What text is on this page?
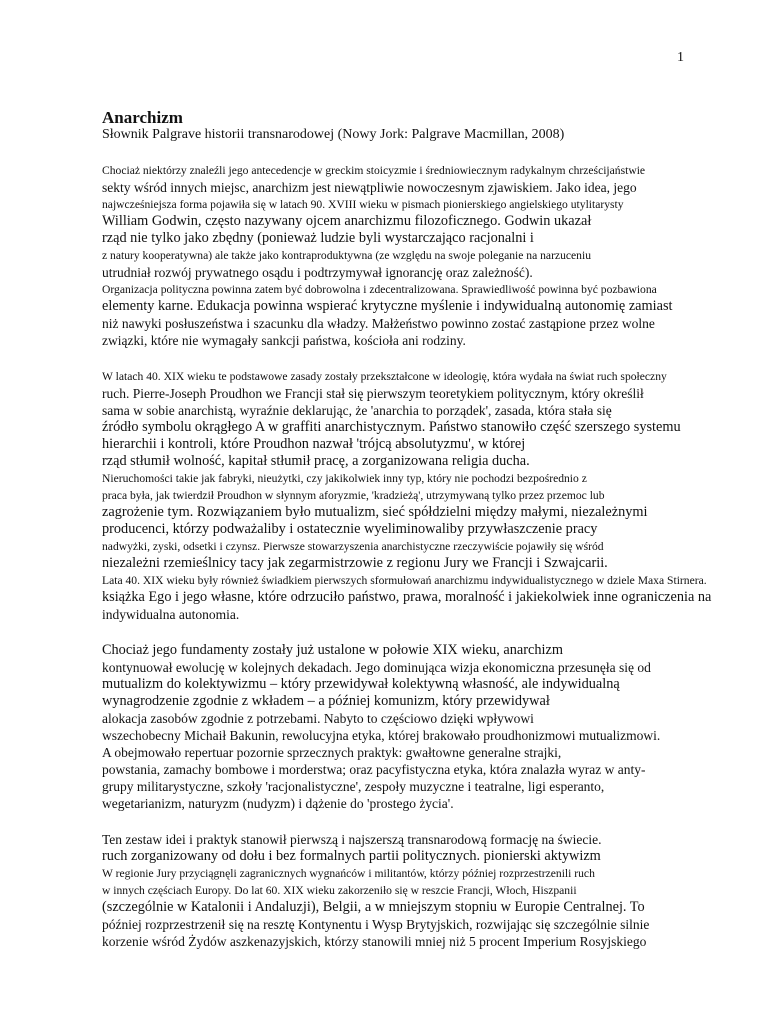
1
Anarchizm
Słownik Palgrave historii transnarodowej (Nowy Jork: Palgrave Macmillan, 2008)
Chociaż niektórzy znaleźli jego antecedencje w greckim stoicyzmie i średniowiecznym radykalnym chrześcijaństwie
sekty wśród innych miejsc, anarchizm jest niewątpliwie nowoczesnym zjawiskiem. Jako idea, jego
najwcześniejsza forma pojawiła się w latach 90. XVIII wieku w pismach pionierskiego angielskiego utylitarysty
William Godwin, często nazywany ojcem anarchizmu filozoficznego. Godwin ukazał
rząd nie tylko jako zbędny (ponieważ ludzie byli wystarczająco racjonalni i
z natury kooperatywna) ale także jako kontraproduktywna (ze względu na swoje poleganie na narzuceniu
utrudniał rozwój prywatnego osądu i podtrzymywał ignorancję oraz zależność).
Organizacja polityczna powinna zatem być dobrowolna i zdecentralizowana. Sprawiedliwość powinna być pozbawiona
elementy karne. Edukacja powinna wspierać krytyczne myślenie i indywidualną autonomię zamiast
niż nawyki posłuszeństwa i szacunku dla władzy. Małżeństwo powinno zostać zastąpione przez wolne
związki, które nie wymagały sankcji państwa, kościoła ani rodziny.
W latach 40. XIX wieku te podstawowe zasady zostały przekształcone w ideologię, która wydała na świat ruch społeczny
ruch. Pierre-Joseph Proudhon we Francji stał się pierwszym teoretykiem politycznym, który określił
sama w sobie anarchistą, wyraźnie deklarując, że 'anarchia to porządek', zasada, która stała się
źródło symbolu okrągłego A w graffiti anarchistycznym. Państwo stanowiło część szerszego systemu
hierarchii i kontroli, które Proudhon nazwał 'trójcą absolutyzmu', w której
rząd stłumił wolność, kapitał stłumił pracę, a zorganizowana religia ducha.
Nieruchomości takie jak fabryki, nieużytki, czy jakikolwiek inny typ, który nie pochodzi bezpośrednio z
praca była, jak twierdził Proudhon w słynnym aforyzmie, 'kradzieżą', utrzymywaną tylko przez przemoc lub
zagrożenie tym. Rozwiązaniem było mutualizm, sieć spółdzielni między małymi, niezależnymi
producenci, którzy podważaliby i ostatecznie wyeliminowaliby przywłaszczenie pracy
nadwyżki, zyski, odsetki i czynsz. Pierwsze stowarzyszenia anarchistyczne rzeczywiście pojawiły się wśród
niezależni rzemieślnicy tacy jak zegarmistrzowie z regionu Jury we Francji i Szwajcarii.
Lata 40. XIX wieku były również świadkiem pierwszych sformułowań anarchizmu indywidualistycznego w dziele Maxa Stirnera.
książka Ego i jego własne, które odrzuciło państwo, prawa, moralność i jakiekolwiek inne ograniczenia na
indywidualna autonomia.
Chociaż jego fundamenty zostały już ustalone w połowie XIX wieku, anarchizm
kontynuował ewolucję w kolejnych dekadach. Jego dominująca wizja ekonomiczna przesunęła się od
mutualizm do kolektywizmu – który przewidywał kolektywną własność, ale indywidualną
wynagrodzenie zgodnie z wkładem – a później komunizm, który przewidywał
alokacja zasobów zgodnie z potrzebami. Nabyto to częściowo dzięki wpływowi
wszechobecny Michaił Bakunin, rewolucyjna etyka, której brakowało proudhonizmowi mutualizmowi.
A obejmowało repertuar pozornie sprzecznych praktyk: gwałtowne generalne strajki,
powstania, zamachy bombowe i morderstwa; oraz pacyfistyczna etyka, która znalazła wyraz w anty-
grupy militarystyczne, szkoły 'racjonalistyczne', zespoły muzyczne i teatralne, ligi esperanto,
wegetarianizm, naturyzm (nudyzm) i dążenie do 'prostego życia'.
Ten zestaw idei i praktyk stanowił pierwszą i najszerszą transnarodową formację na świecie.
ruch zorganizowany od dołu i bez formalnych partii politycznych. pionierski aktywizm
W regionie Jury przyciągnęli zagranicznych wygnańców i militantów, którzy później rozprzestrzenili ruch
w innych częściach Europy. Do lat 60. XIX wieku zakorzeniło się w reszcie Francji, Włoch, Hiszpanii
(szczególnie w Katalonii i Andaluzji), Belgii, a w mniejszym stopniu w Europie Centralnej. To
później rozprzestrzenił się na resztę Kontynentu i Wysp Brytyjskich, rozwijając się szczególnie silnie
korzenie wśród Żydów aszkenazyjskich, którzy stanowili mniej niż 5 procent Imperium Rosyjskiego
